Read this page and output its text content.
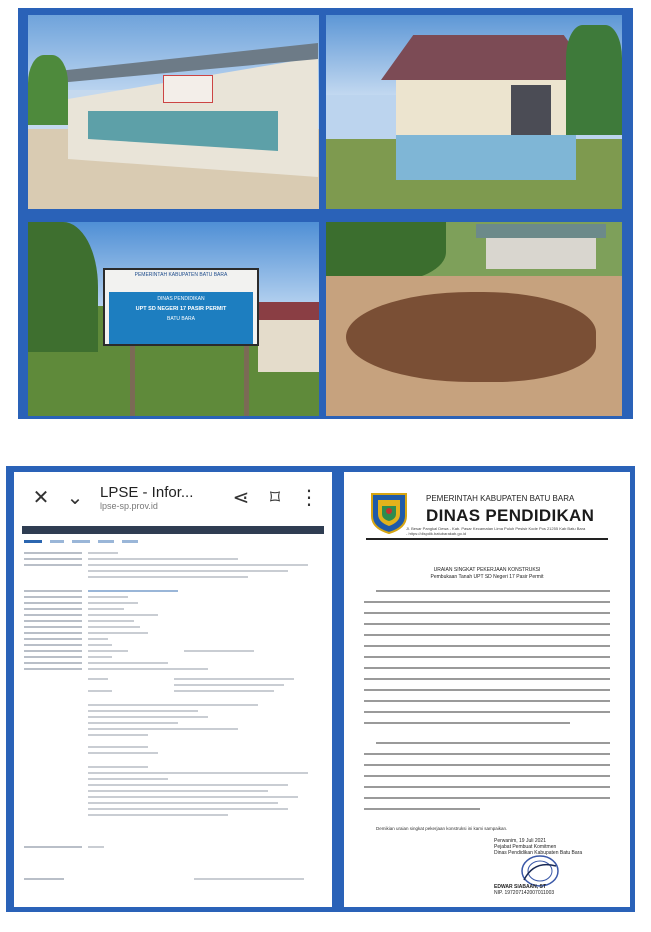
PEMERINTAH KABUPATEN BATU BARA
DINAS PENDIDIKAN
UPT SD NEGERI 17 PASIR PERMIT
BATU BARA
✕ ⌄	LPSE - Infor...
lpse-sp.prov.id	⋖	⌑ ⋮	PEMERINTAH KABUPATEN BATU BARA
DINAS PENDIDIKAN
Jl. Besar Pangkal Dewa - Kab. Pasar Kecamatan Lima Puluh Pesisir Kode Pos 21255 Kab Batu Bara - https://dispdik.batubarakab.go.id
URAIAN SINGKAT PEKERJAAN KONSTRUKSI
Pembukaan Tanah UPT SD Negeri 17 Pasir Permit
Demikian uraian singkat pekerjaan konstruksi ini kami sampaikan.
Perwanim, 19 Juli 2021
Pejabat Pembuat Komitmen
Dinas Pendidikan Kabupaten Batu Bara
EDWAR SIABAAN, ST
NIP. 197207142007011003
